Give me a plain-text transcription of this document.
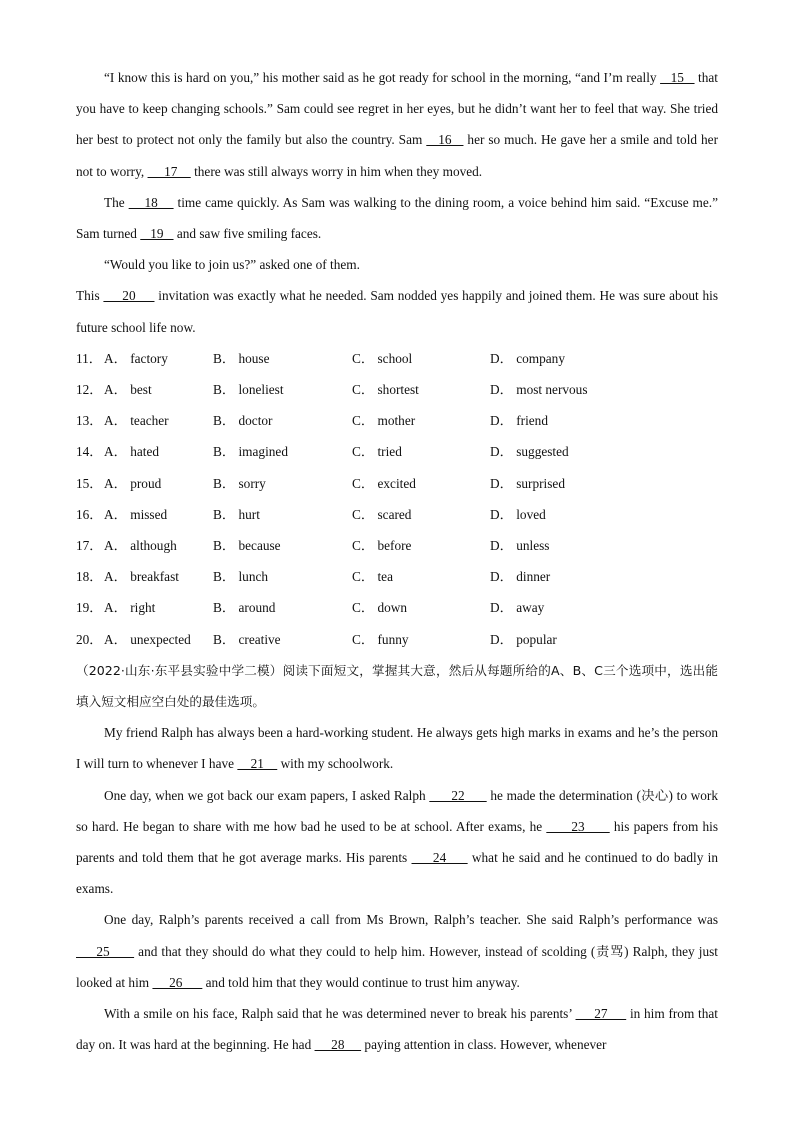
“I know this is hard on you,” his mother said as he got ready for school in the morning, “and I’m really    15    that you have to keep changing schools.” Sam could see regret in her eyes, but he didn’t want her to feel that way. She tried her best to protect not only the family but also the country. Sam    16    her so much. He gave her a smile and told her not to worry,      17     there was still always worry in him when they moved.

The     18     time came quickly. As Sam was walking to the dining room, a voice behind him said. “Excuse me.” Sam turned    19    and saw five smiling faces.

“Would you like to join us?” asked one of them.

This      20      invitation was exactly what he needed. Sam nodded yes happily and joined them. He was sure about his future school life now.

11． A． factory	B． house	C． school	D． company
12． A． best	B． loneliest	C． shortest	D． most nervous
13． A． teacher	B． doctor	C． mother	D． friend
14． A． hated	B． imagined	C． tried	D． suggested
15． A． proud	B． sorry	C． excited	D． surprised
16． A． missed	B． hurt	C． scared	D． loved
17． A． although	B． because	C． before	D． unless
18． A． breakfast	B． lunch	C． tea	D． dinner
19． A． right	B． around	C． down	D． away
20． A． unexpected B． creative	C． funny	D． popular

（2022·山东·东平县实验中学二模）阅读下面短文，掌握其大意，然后从每题所给的A、B、C三个选项中，选出能填入短文相应空白处的最佳选项。

My friend Ralph has always been a hard-working student. He always gets high marks in exams and he’s the person I will turn to whenever I have     21     with my schoolwork.

One day, when we got back our exam papers, I asked Ralph       22       he made the determination (决心) to work so hard. He began to share with me how bad he used to be at school. After exams, he       23       his papers from his parents and told them that he got average marks. His parents      24      what he said and he continued to do badly in exams.

One day, Ralph’s parents received a call from Ms Brown, Ralph’s teacher. She said Ralph’s performance was      25       and that they should do what they could to help him. However, instead of scolding (责骂) Ralph, they just looked at him      26       and told him that they would continue to trust him anyway.

With a smile on his face, Ralph said that he was determined never to break his parents’      27      in him from that day on. It was hard at the beginning. He had      28      paying attention in class. However, whenever
